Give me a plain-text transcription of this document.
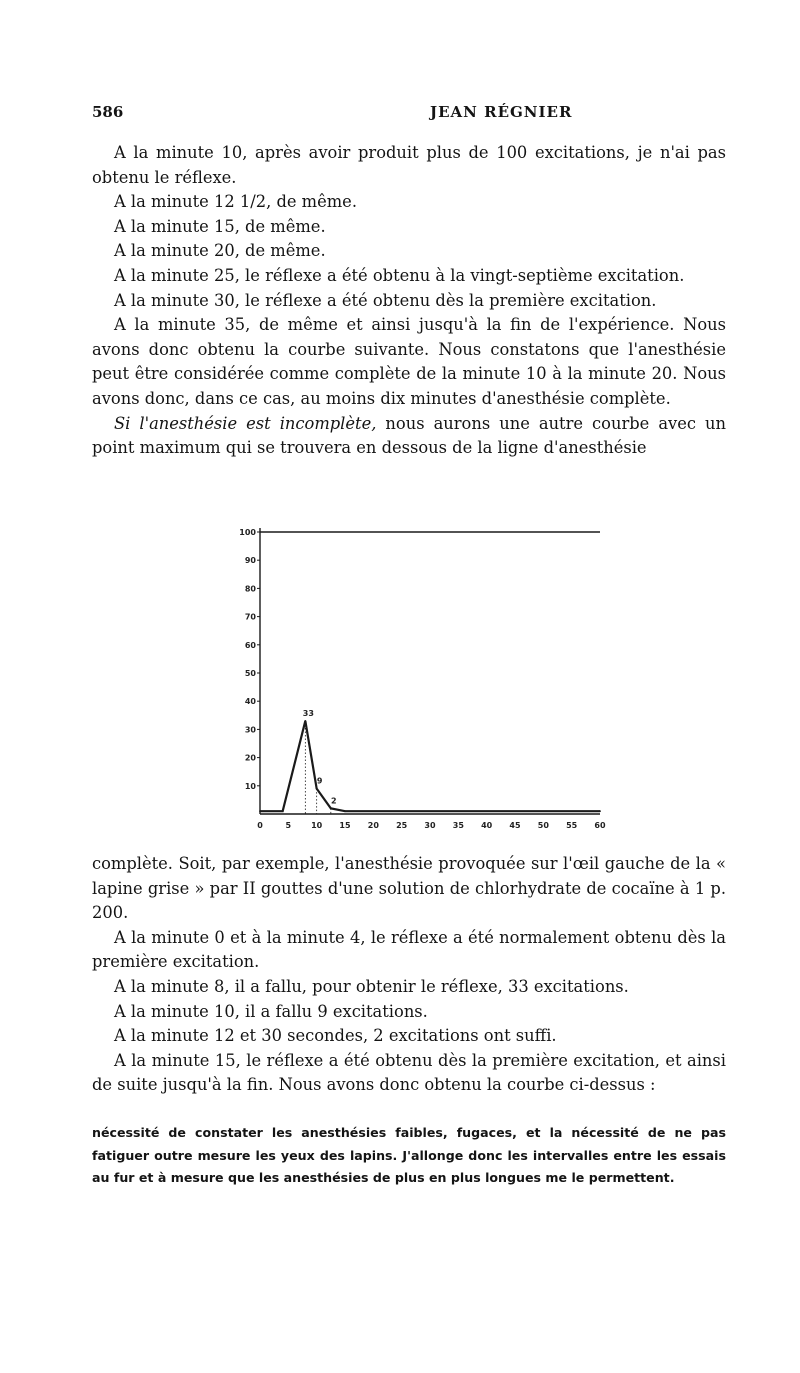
586	JEAN RÉGNIER

A la minute 10, après avoir produit plus de 100 excitations, je n'ai pas obtenu le réflexe.

A la minute 12 1/2, de même.

A la minute 15, de même.

A la minute 20, de même.

A la minute 25, le réflexe a été obtenu à la vingt-septième excitation.

A la minute 30, le réflexe a été obtenu dès la première excitation.

A la minute 35, de même et ainsi jusqu'à la fin de l'expérience. Nous avons donc obtenu la courbe suivante. Nous constatons que l'anesthésie peut être considérée comme complète de la minute 10 à la minute 20. Nous avons donc, dans ce cas, au moins dix minutes d'anesthésie complète.

Si l'anesthésie est incomplète, nous aurons une autre courbe avec un point maximum qui se trouvera en dessous de la ligne d'anesthésie

100
90
80
70
60
50
40
30
20
10
0	5 10 15 20 25 30 35 40 45 50 55 60
33
9
2

complète. Soit, par exemple, l'anesthésie provoquée sur l'œil gauche de la « lapine grise » par II gouttes d'une solution de chlorhydrate de cocaïne à 1 p. 200.

A la minute 0 et à la minute 4, le réflexe a été normalement obtenu dès la première excitation.

A la minute 8, il a fallu, pour obtenir le réflexe, 33 excitations.

A la minute 10, il a fallu 9 excitations.

A la minute 12 et 30 secondes, 2 excitations ont suffi.

A la minute 15, le réflexe a été obtenu dès la première excitation, et ainsi de suite jusqu'à la fin. Nous avons donc obtenu la courbe ci-dessus :

nécessité de constater les anesthésies faibles, fugaces, et la nécessité de ne pas fatiguer outre mesure les yeux des lapins. J'allonge donc les intervalles entre les essais au fur et à mesure que les anesthésies de plus en plus longues me le permettent.
